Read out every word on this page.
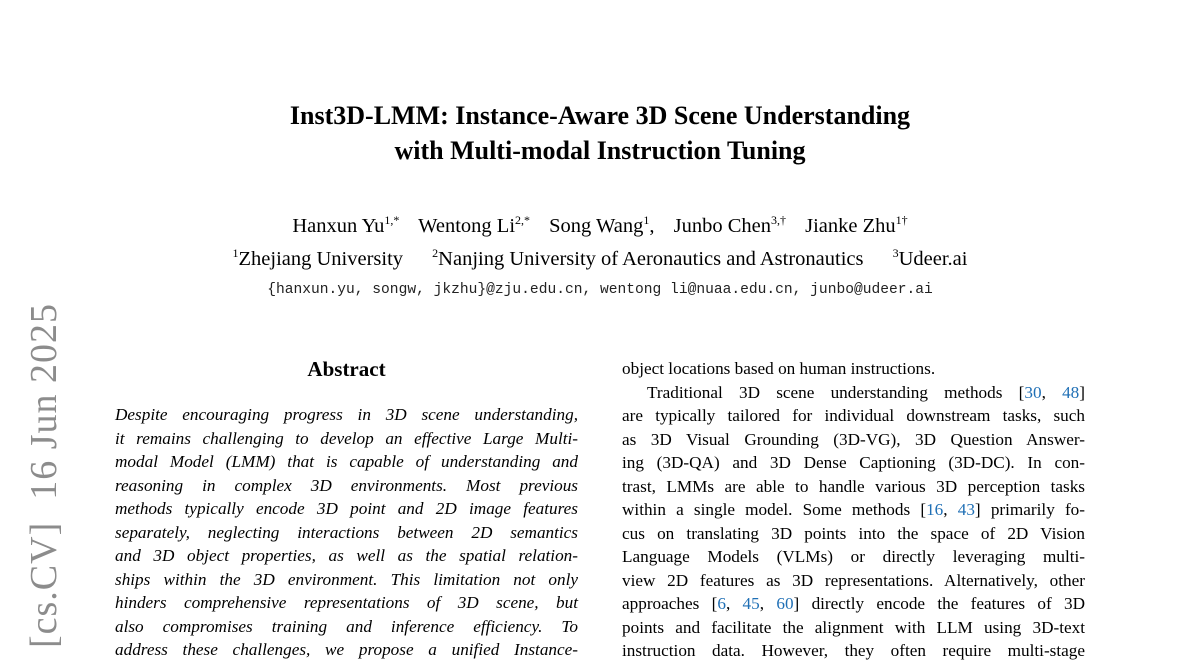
[cs.CV]16 Jun 2025
Inst3D-LMM: Instance-Aware 3D Scene Understanding
with Multi-modal Instruction Tuning
Hanxun $Yu^{1,*}$ Wentong $Li^{2,*}$ Song Wang$^1$, Junbo Chen$^{3,\dagger}$ Jianke Zhu$^{1\dagger}$
$^1$Zhejiang University $^2$Nanjing University of Aeronautics and Astronautics $^3$Udeer.ai
{hanxun.yu, songw, jkzhu}@zju.edu.cn, wentong li@nuaa.edu.cn, junbo@udeer.ai
Abstract
Despite encouraging progress in 3D scene understanding,
it remains challenging to develop an effective Large Multi-
modal Model (LMM) that is capable of understanding and
reasoning in complex 3D environments. Most previous
methods typically encode 3D point and 2D image features
separately, neglecting interactions between 2D semantics
and 3D object properties, as well as the spatial relation-
ships within the 3D environment. This limitation not only
hinders comprehensive representations of 3D scene, but
also compromises training and inference efficiency. To
address these challenges, we propose a unified Instance-
object locations based on human instructions.
Traditional 3D scene understanding methods [30, 48]
are typically tailored for individual downstream tasks, such
as 3D Visual Grounding (3D-VG), 3D Question Answer-
ing (3D-QA) and 3D Dense Captioning (3D-DC). In con-
trast, LMMs are able to handle various 3D perception tasks
within a single model. Some methods [16, 43] primarily fo-
cus on translating 3D points into the space of 2D Vision
Language Models (VLMs) or directly leveraging multi-
view 2D features as 3D representations. Alternatively, other
approaches [6, 45, 60] directly encode the features of 3D
points and facilitate the alignment with LLM using 3D-text
instruction data. However, they often require multi-stage
